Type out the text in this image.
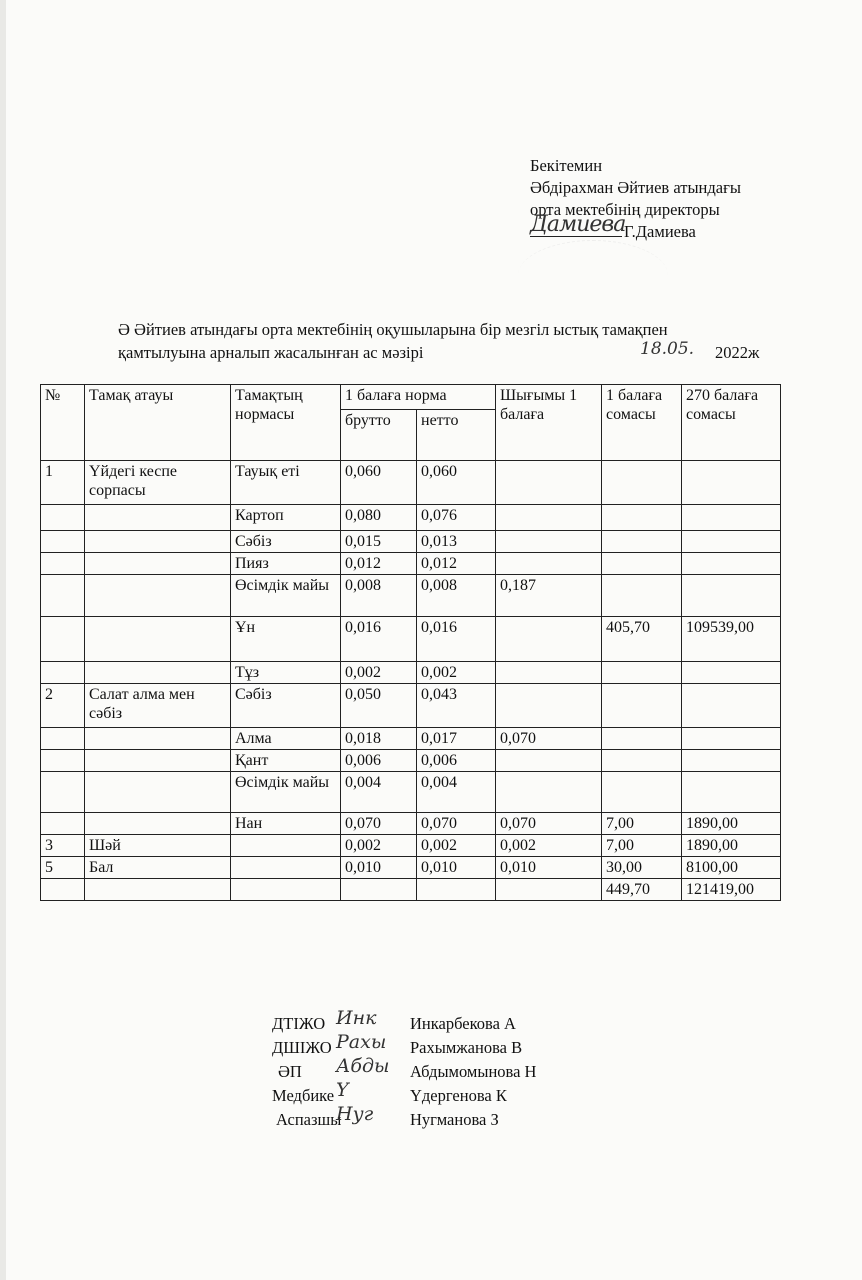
Бекітемин
Әбдірахман Әйтиев атындағы
орта мектебінің директоры
Дамиева
Г.Дамиева
Ә Әйтиев атындағы орта мектебінің оқушыларына бір мезгіл ыстық тамақпен
қамтылуына арналып жасалынған ас мәзірі	18.05. 2022ж
№	Тамақ атауы	Тамақтың нормасы	1 балаға норма		Шығымы 1 балаға	1 балаға сомасы	270 балаға сомасы
			брутто	нетто			
1	Үйдегі кеспе сорпасы	Тауық еті	0,060	0,060			
		Картоп	0,080	0,076			
		Сәбіз	0,015	0,013			
		Пияз	0,012	0,012			
		Өсімдік майы	0,008	0,008	0,187		
		Ұн	0,016	0,016		405,70	109539,00
		Тұз	0,002	0,002			
2	Салат алма мен сәбіз	Сәбіз	0,050	0,043			
		Алма	0,018	0,017	0,070		
		Қант	0,006	0,006			
		Өсімдік майы	0,004	0,004			
		Нан	0,070	0,070	0,070	7,00	1890,00
3	Шәй		0,002	0,002	0,002	7,00	1890,00
5	Бал		0,010	0,010	0,010	30,00	8100,00
						449,70	121419,00
ДТІЖО Инк Инкарбекова А
ДШІЖО Рахы Рахымжанова В
ӘП Абды Абдымомынова Н
Медбике Ү	Үдергенова К
Аспазшы
Нуг Нугманова З
